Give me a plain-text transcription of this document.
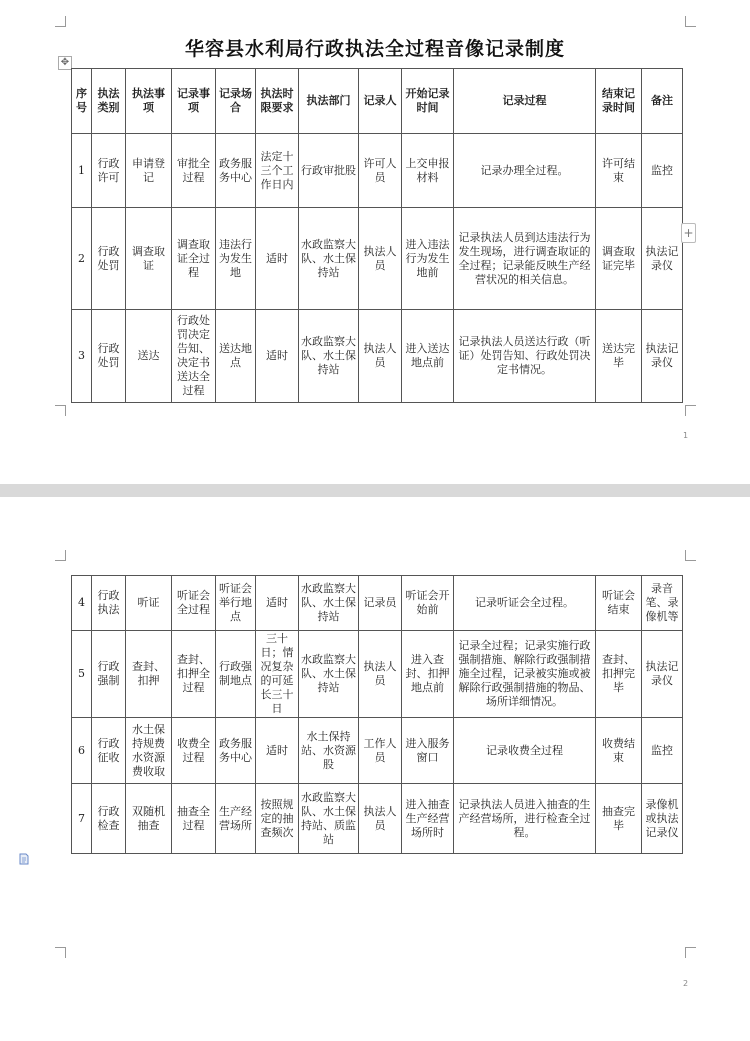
华容县水利局行政执法全过程音像记录制度
✥
序号	执法类别	执法事项	记录事项	记录场合	执法时限要求	执法部门	记录人	开始记录时间	记录过程	结束记录时间	备注
1	行政许可	申请登记	审批全过程	政务服务中心	法定十三个工作日内	行政审批股	许可人员	上交申报材料	记录办理全过程。	许可结束	监控
2	行政处罚	调查取证	调查取证全过程	违法行为发生地	适时	水政监察大队、水土保持站	执法人员	进入违法行为发生地前	记录执法人员到达违法行为发生现场，进行调查取证的全过程；记录能反映生产经营状况的相关信息。	调查取证完毕	执法记录仪
3	行政处罚	送达	行政处罚决定告知、决定书送达全过程	送达地点	适时	水政监察大队、水土保持站	执法人员	进入送达地点前	记录执法人员送达行政（听证）处罚告知、行政处罚决定书情况。	送达完毕	执法记录仪
+
1
4	行政执法	听证	听证会全过程	听证会举行地点	适时	水政监察大队、水土保持站	记录员	听证会开始前	记录听证会全过程。	听证会结束	录音笔、录像机等
5	行政强制	查封、扣押	查封、扣押全过程	行政强制地点	三十日；情况复杂的可延长三十日	水政监察大队、水土保持站	执法人员	进入查封、扣押地点前	记录全过程；记录实施行政强制措施、解除行政强制措施全过程，记录被实施或被解除行政强制措施的物品、场所详细情况。	查封、扣押完毕	执法记录仪
6	行政征收	水土保持规费水资源费收取	收费全过程	政务服务中心	适时	水土保持站、水资源股	工作人员	进入服务窗口	记录收费全过程	收费结束	监控
7	行政检查	双随机抽查	抽查全过程	生产经营场所	按照规定的抽查频次	水政监察大队、水土保持站、质监站	执法人员	进入抽查生产经营场所时	记录执法人员进入抽查的生产经营场所，进行检查全过程。	抽查完毕	录像机或执法记录仪
2
